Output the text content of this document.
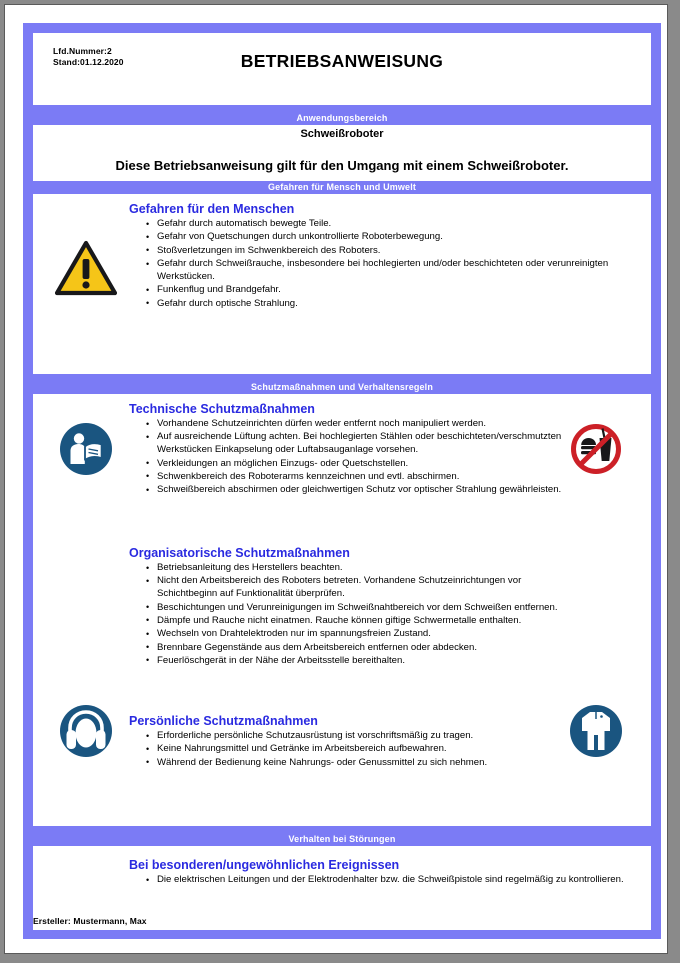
Lfd.Nummer:2
Stand:01.12.2020	BETRIEBSANWEISUNG
Anwendungsbereich
Schweißroboter
Diese Betriebsanweisung gilt für den Umgang mit einem Schweißroboter.
Gefahren für Mensch und Umwelt
Gefahren für den Menschen
• Gefahr durch automatisch bewegte Teile.
• Gefahr von Quetschungen durch unkontrollierte Roboterbewegung.
• Stoßverletzungen im Schwenkbereich des Roboters.
• Gefahr durch Schweißrauche, insbesondere bei hochlegierten und/oder beschichteten oder verunreinigten Werkstücken.
• Funkenflug und Brandgefahr.
• Gefahr durch optische Strahlung.
Schutzmaßnahmen und Verhaltensregeln
Technische Schutzmaßnahmen
• Vorhandene Schutzeinrichten dürfen weder entfernt noch manipuliert werden.
• Auf ausreichende Lüftung achten. Bei hochlegierten Stählen oder beschichteten/verschmutzten Werkstücken Einkapselung oder Luftabsauganlage vorsehen.
• Verkleidungen an möglichen Einzugs- oder Quetschstellen.
• Schwenkbereich des Roboterarms kennzeichnen und evtl. abschirmen.
• Schweißbereich abschirmen oder gleichwertigen Schutz vor optischer Strahlung gewährleisten.
Organisatorische Schutzmaßnahmen
• Betriebsanleitung des Herstellers beachten.
• Nicht den Arbeitsbereich des Roboters betreten. Vorhandene Schutzeinrichtungen vor Schichtbeginn auf Funktionalität überprüfen.
• Beschichtungen und Verunreinigungen im Schweißnahtbereich vor dem Schweißen entfernen.
• Dämpfe und Rauche nicht einatmen. Rauche können giftige Schwermetalle enthalten.
• Wechseln von Drahtelektroden nur im spannungsfreien Zustand.
• Brennbare Gegenstände aus dem Arbeitsbereich entfernen oder abdecken.
• Feuerlöschgerät in der Nähe der Arbeitsstelle bereithalten.
Persönliche Schutzmaßnahmen
• Erforderliche persönliche Schutzausrüstung ist vorschriftsmäßig zu tragen.
• Keine Nahrungsmittel und Getränke im Arbeitsbereich aufbewahren.
• Während der Bedienung keine Nahrungs- oder Genussmittel zu sich nehmen.
Verhalten bei Störungen
Bei besonderen/ungewöhnlichen Ereignissen
• Die elektrischen Leitungen und der Elektrodenhalter bzw. die Schweißpistole sind regelmäßig zu kontrollieren.
Ersteller: Mustermann, Max
